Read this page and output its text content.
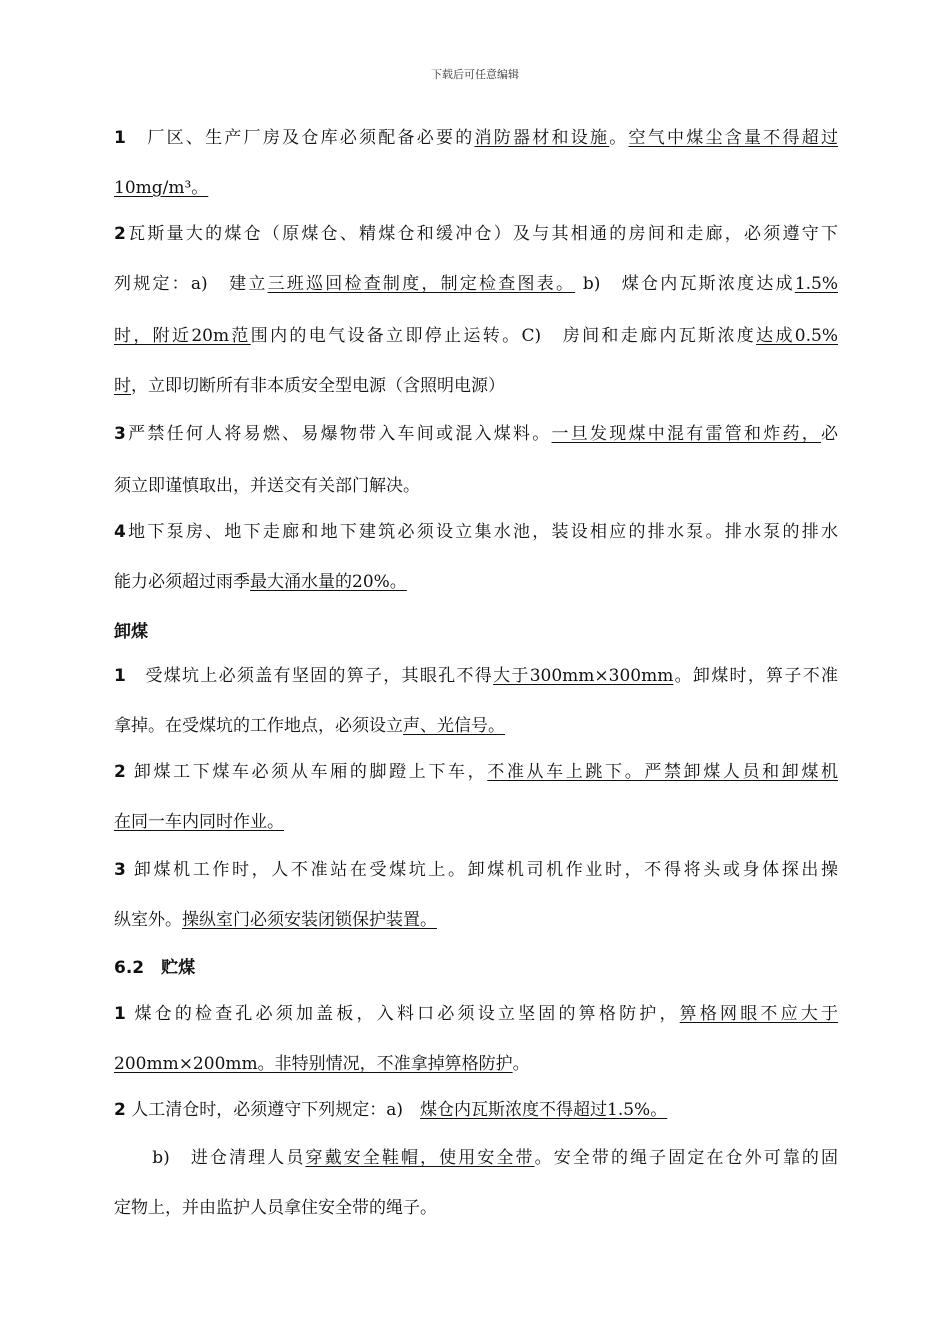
下载后可任意编辑
1　厂区、生产厂房及仓库必须配备必要的消防器材和设施。空气中煤尘含量不得超过
10mg/m³。
2瓦斯量大的煤仓（原煤仓、精煤仓和缓冲仓）及与其相通的房间和走廊，必须遵守下
列规定：a)　建立三班巡回检查制度，制定检查图表。 b)　煤仓内瓦斯浓度达成1.5%
时，附近20m范围内的电气设备立即停止运转。C)　房间和走廊内瓦斯浓度达成0.5%
时，立即切断所有非本质安全型电源（含照明电源）
3严禁任何人将易燃、易爆物带入车间或混入煤料。一旦发现煤中混有雷管和炸药，必
须立即谨慎取出，并送交有关部门解决。
4地下泵房、地下走廊和地下建筑必须设立集水池，装设相应的排水泵。排水泵的排水
能力必须超过雨季最大涌水量的20%。
卸煤
1　受煤坑上必须盖有坚固的箅子，其眼孔不得大于300mm×300mm。卸煤时，箅子不准
拿掉。在受煤坑的工作地点，必须设立声、光信号。
2 卸煤工下煤车必须从车厢的脚蹬上下车，不准从车上跳下。严禁卸煤人员和卸煤机
在同一车内同时作业。
3 卸煤机工作时，人不准站在受煤坑上。卸煤机司机作业时，不得将头或身体探出操
纵室外。操纵室门必须安装闭锁保护装置。
6.2　贮煤
1 煤仓的检查孔必须加盖板，入料口必须设立坚固的箅格防护，箅格网眼不应大于
200mm×200mm。非特别情况，不准拿掉箅格防护。
2 人工清仓时，必须遵守下列规定：a)　煤仓内瓦斯浓度不得超过1.5%。
　　b)　进仓清理人员穿戴安全鞋帽，使用安全带。安全带的绳子固定在仓外可靠的固
定物上，并由监护人员拿住安全带的绳子。
